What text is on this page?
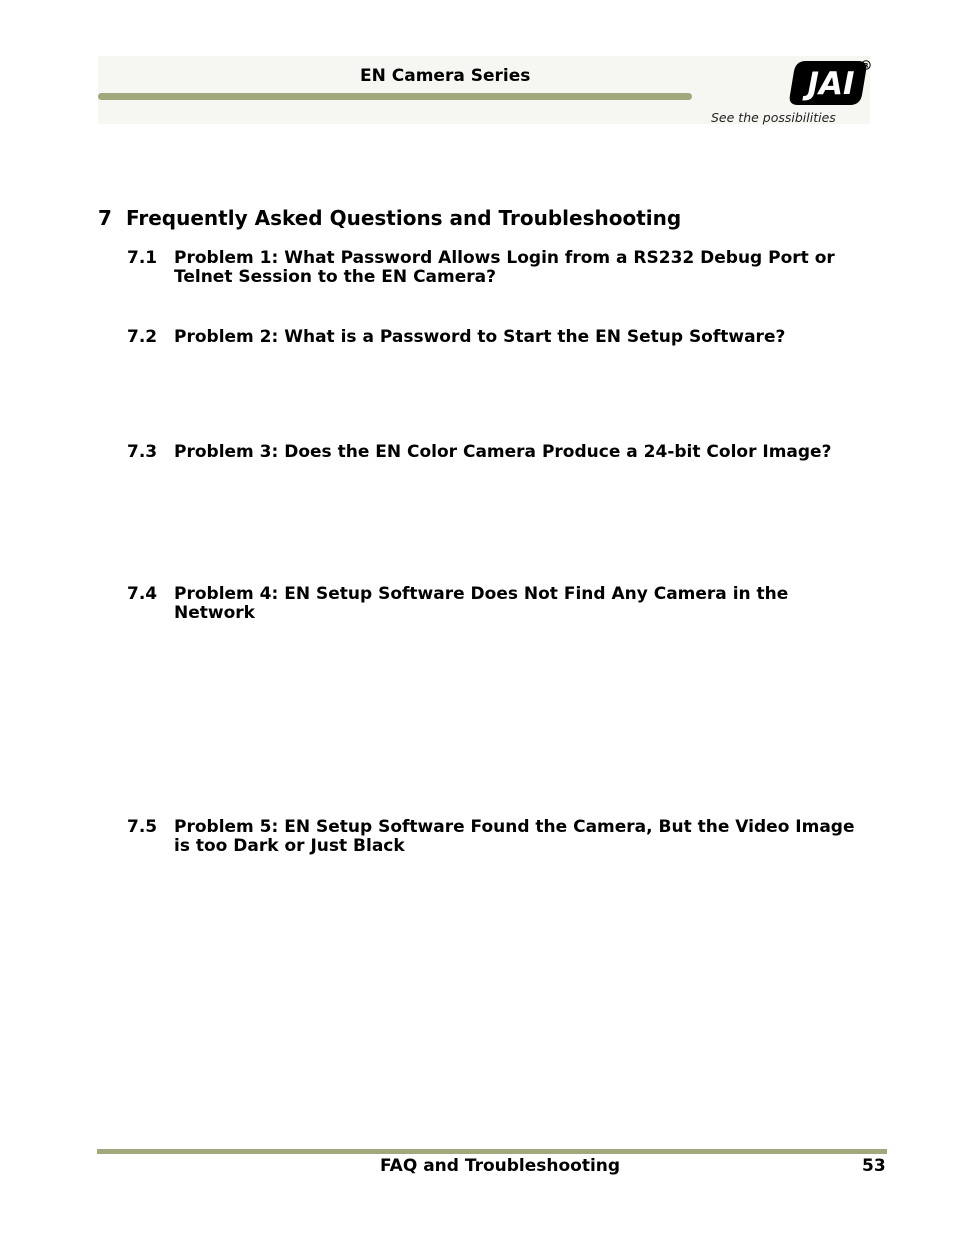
EN Camera Series	JAI
R
See the possibilities
7 Frequently Asked Questions and Troubleshooting
7.1 Problem 1: What Password Allows Login from a RS232 Debug Port or Telnet Session to the EN Camera?
7.2 Problem 2: What is a Password to Start the EN Setup Software?
7.3 Problem 3: Does the EN Color Camera Produce a 24-bit Color Image?
7.4 Problem 4: EN Setup Software Does Not Find Any Camera in the Network
7.5 Problem 5: EN Setup Software Found the Camera, But the Video Image is too Dark or Just Black
FAQ and Troubleshooting	53
